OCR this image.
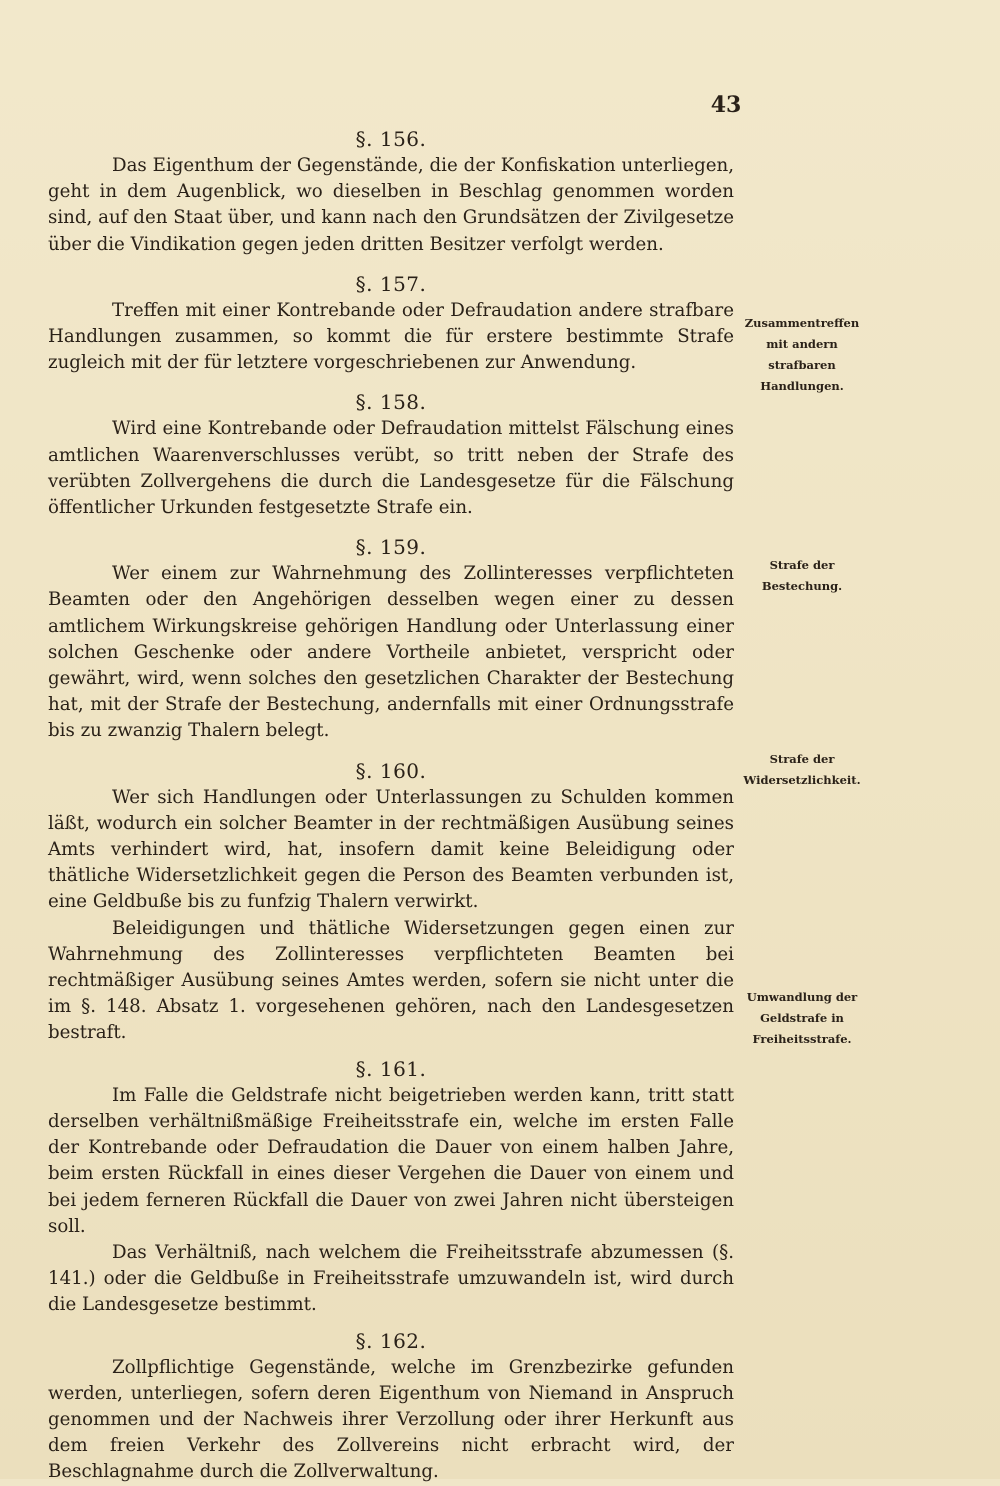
43
Zusammentreffen mit andern strafbaren Handlungen.
Strafe der Bestechung.
Strafe der Widersetzlichkeit.
Umwandlung der Geldstrafe in Freiheitsstrafe.

§. 156.

Das Eigenthum der Gegenstände, die der Konfiskation unterliegen, geht in dem Augenblick, wo dieselben in Beschlag genommen worden sind, auf den Staat über, und kann nach den Grundsätzen der Zivilgesetze über die Vindikation gegen jeden dritten Besitzer verfolgt werden.

§. 157.

Treffen mit einer Kontrebande oder Defraudation andere strafbare Handlungen zusammen, so kommt die für erstere bestimmte Strafe zugleich mit der für letztere vorgeschriebenen zur Anwendung.

§. 158.

Wird eine Kontrebande oder Defraudation mittelst Fälschung eines amtlichen Waarenverschlusses verübt, so tritt neben der Strafe des verübten Zollvergehens die durch die Landesgesetze für die Fälschung öffentlicher Urkunden festgesetzte Strafe ein.

§. 159.

Wer einem zur Wahrnehmung des Zollinteresses verpflichteten Beamten oder den Angehörigen desselben wegen einer zu dessen amtlichem Wirkungskreise gehörigen Handlung oder Unterlassung einer solchen Geschenke oder andere Vortheile anbietet, verspricht oder gewährt, wird, wenn solches den gesetzlichen Charakter der Bestechung hat, mit der Strafe der Bestechung, andernfalls mit einer Ordnungsstrafe bis zu zwanzig Thalern belegt.

§. 160.

Wer sich Handlungen oder Unterlassungen zu Schulden kommen läßt, wodurch ein solcher Beamter in der rechtmäßigen Ausübung seines Amts verhindert wird, hat, insofern damit keine Beleidigung oder thätliche Widersetzlichkeit gegen die Person des Beamten verbunden ist, eine Geldbuße bis zu funfzig Thalern verwirkt.

Beleidigungen und thätliche Widersetzungen gegen einen zur Wahrnehmung des Zollinteresses verpflichteten Beamten bei rechtmäßiger Ausübung seines Amtes werden, sofern sie nicht unter die im §. 148. Absatz 1. vorgesehenen gehören, nach den Landesgesetzen bestraft.

§. 161.

Im Falle die Geldstrafe nicht beigetrieben werden kann, tritt statt derselben verhältnißmäßige Freiheitsstrafe ein, welche im ersten Falle der Kontrebande oder Defraudation die Dauer von einem halben Jahre, beim ersten Rückfall in eines dieser Vergehen die Dauer von einem und bei jedem ferneren Rückfall die Dauer von zwei Jahren nicht übersteigen soll.

Das Verhältniß, nach welchem die Freiheitsstrafe abzumessen (§. 141.) oder die Geldbuße in Freiheitsstrafe umzuwandeln ist, wird durch die Landesgesetze bestimmt.

§. 162.

Zollpflichtige Gegenstände, welche im Grenzbezirke gefunden werden, unterliegen, sofern deren Eigenthum von Niemand in Anspruch genommen und der Nachweis ihrer Verzollung oder ihrer Herkunft aus dem freien Verkehr des Zollvereins nicht erbracht wird, der Beschlagnahme durch die Zollverwaltung.
